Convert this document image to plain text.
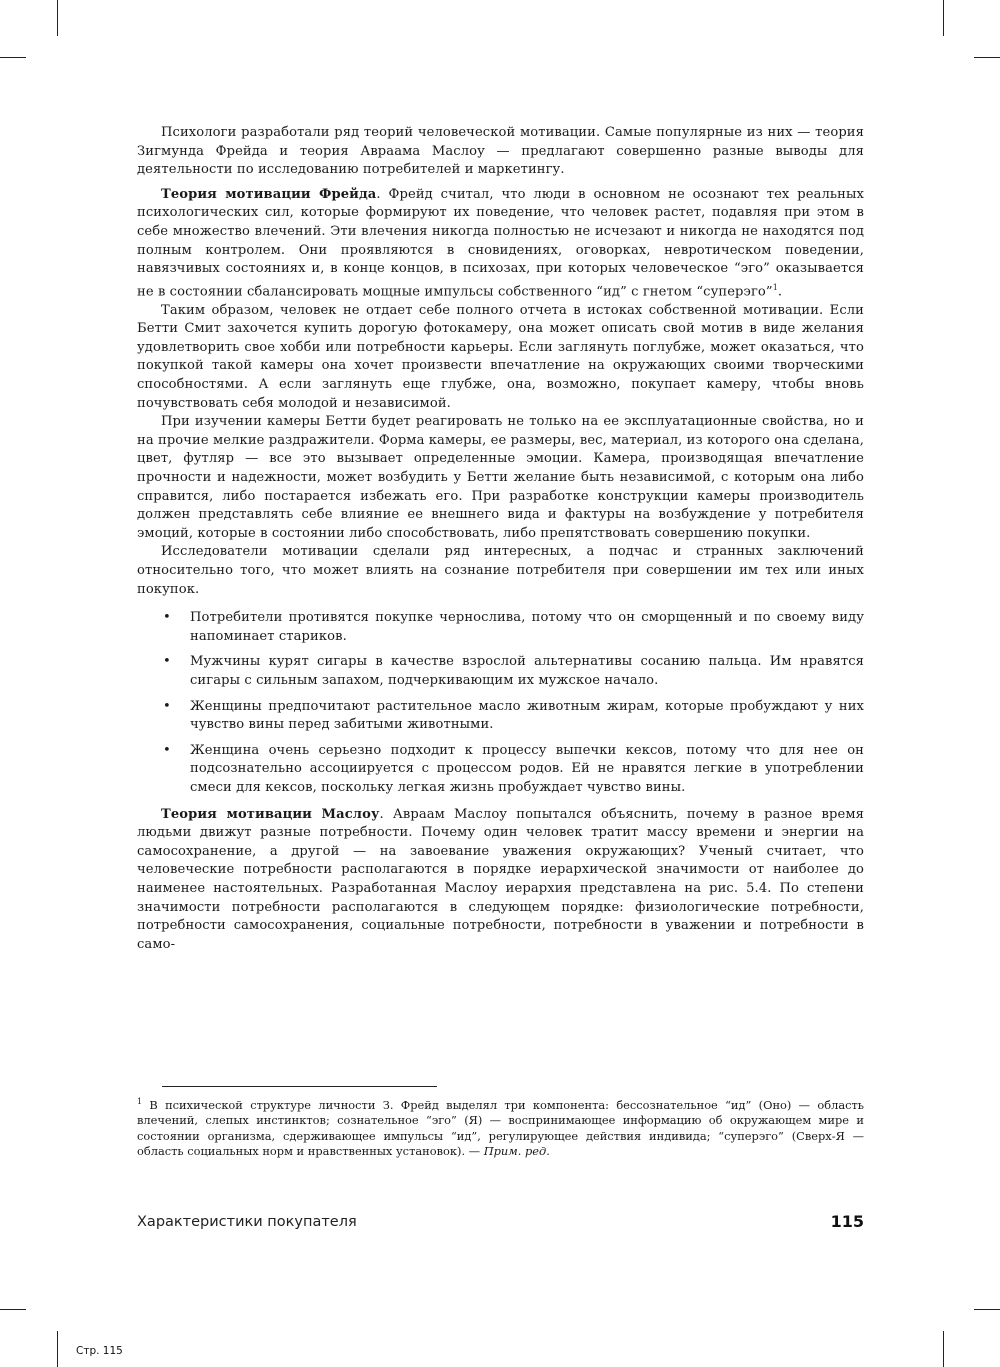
Психологи разработали ряд теорий человеческой мотивации. Самые популярные из них — теория Зигмунда Фрейда и теория Авраама Маслоу — предлагают совершенно разные выводы для деятельности по исследованию потребителей и маркетингу.

Теория мотивации Фрейда. Фрейд считал, что люди в основном не осознают тех реальных психологических сил, которые формируют их поведение, что человек растет, подавляя при этом в себе множество влечений. Эти влечения никогда полностью не исчезают и никогда не находятся под полным контролем. Они проявляются в сновидениях, оговорках, невротическом поведении, навязчивых состояниях и, в конце концов, в психозах, при которых человеческое “эго” оказывается не в состоянии сбалансировать мощные импульсы собственного “ид” с гнетом “суперэго”$^1$.

Таким образом, человек не отдает себе полного отчета в истоках собственной мотивации. Если Бетти Смит захочется купить дорогую фотокамеру, она может описать свой мотив в виде желания удовлетворить свое хобби или потребности карьеры. Если заглянуть поглубже, может оказаться, что покупкой такой камеры она хочет произвести впечатление на окружающих своими творческими способностями. А если заглянуть еще глубже, она, возможно, покупает камеру, чтобы вновь почувствовать себя молодой и независимой.

При изучении камеры Бетти будет реагировать не только на ее эксплуатационные свойства, но и на прочие мелкие раздражители. Форма камеры, ее размеры, вес, материал, из которого она сделана, цвет, футляр — все это вызывает определенные эмоции. Камера, производящая впечатление прочности и надежности, может возбудить у Бетти желание быть независимой, с которым она либо справится, либо постарается избежать его. При разработке конструкции камеры производитель должен представлять себе влияние ее внешнего вида и фактуры на возбуждение у потребителя эмоций, которые в состоянии либо способствовать, либо препятствовать совершению покупки.

Исследователи мотивации сделали ряд интересных, а подчас и странных заключений относительно того, что может влиять на сознание потребителя при совершении им тех или иных покупок.

• Потребители противятся покупке чернослива, потому что он сморщенный и по своему виду напоминает стариков.
• Мужчины курят сигары в качестве взрослой альтернативы сосанию пальца. Им нравятся сигары с сильным запахом, подчеркивающим их мужское начало.
• Женщины предпочитают растительное масло животным жирам, которые пробуждают у них чувство вины перед забитыми животными.
• Женщина очень серьезно подходит к процессу выпечки кексов, потому что для нее он подсознательно ассоциируется с процессом родов. Ей не нравятся легкие в употреблении смеси для кексов, поскольку легкая жизнь пробуждает чувство вины.

Теория мотивации Маслоу. Авраам Маслоу попытался объяснить, почему в разное время людьми движут разные потребности. Почему один человек тратит массу времени и энергии на самосохранение, а другой — на завоевание уважения окружающих? Ученый считает, что человеческие потребности располагаются в порядке иерархической значимости от наиболее до наименее настоятельных. Разработанная Маслоу иерархия представлена на рис. 5.4. По степени значимости потребности располагаются в следующем порядке: физиологические потребности, потребности самосохранения, социальные потребности, потребности в уважении и потребности в само-

$^1$ В психической структуре личности З. Фрейд выделял три компонента: бессознательное “ид” (Оно) — область влечений, слепых инстинктов; сознательное “эго” (Я) — воспринимающее информацию об окружающем мире и состоянии организма, сдерживающее импульсы “ид”, регулирующее действия индивида; “суперэго” (Сверх-Я — область социальных норм и нравственных установок). — Прим. ред.
Характеристики покупателя	115
Стр. 115
